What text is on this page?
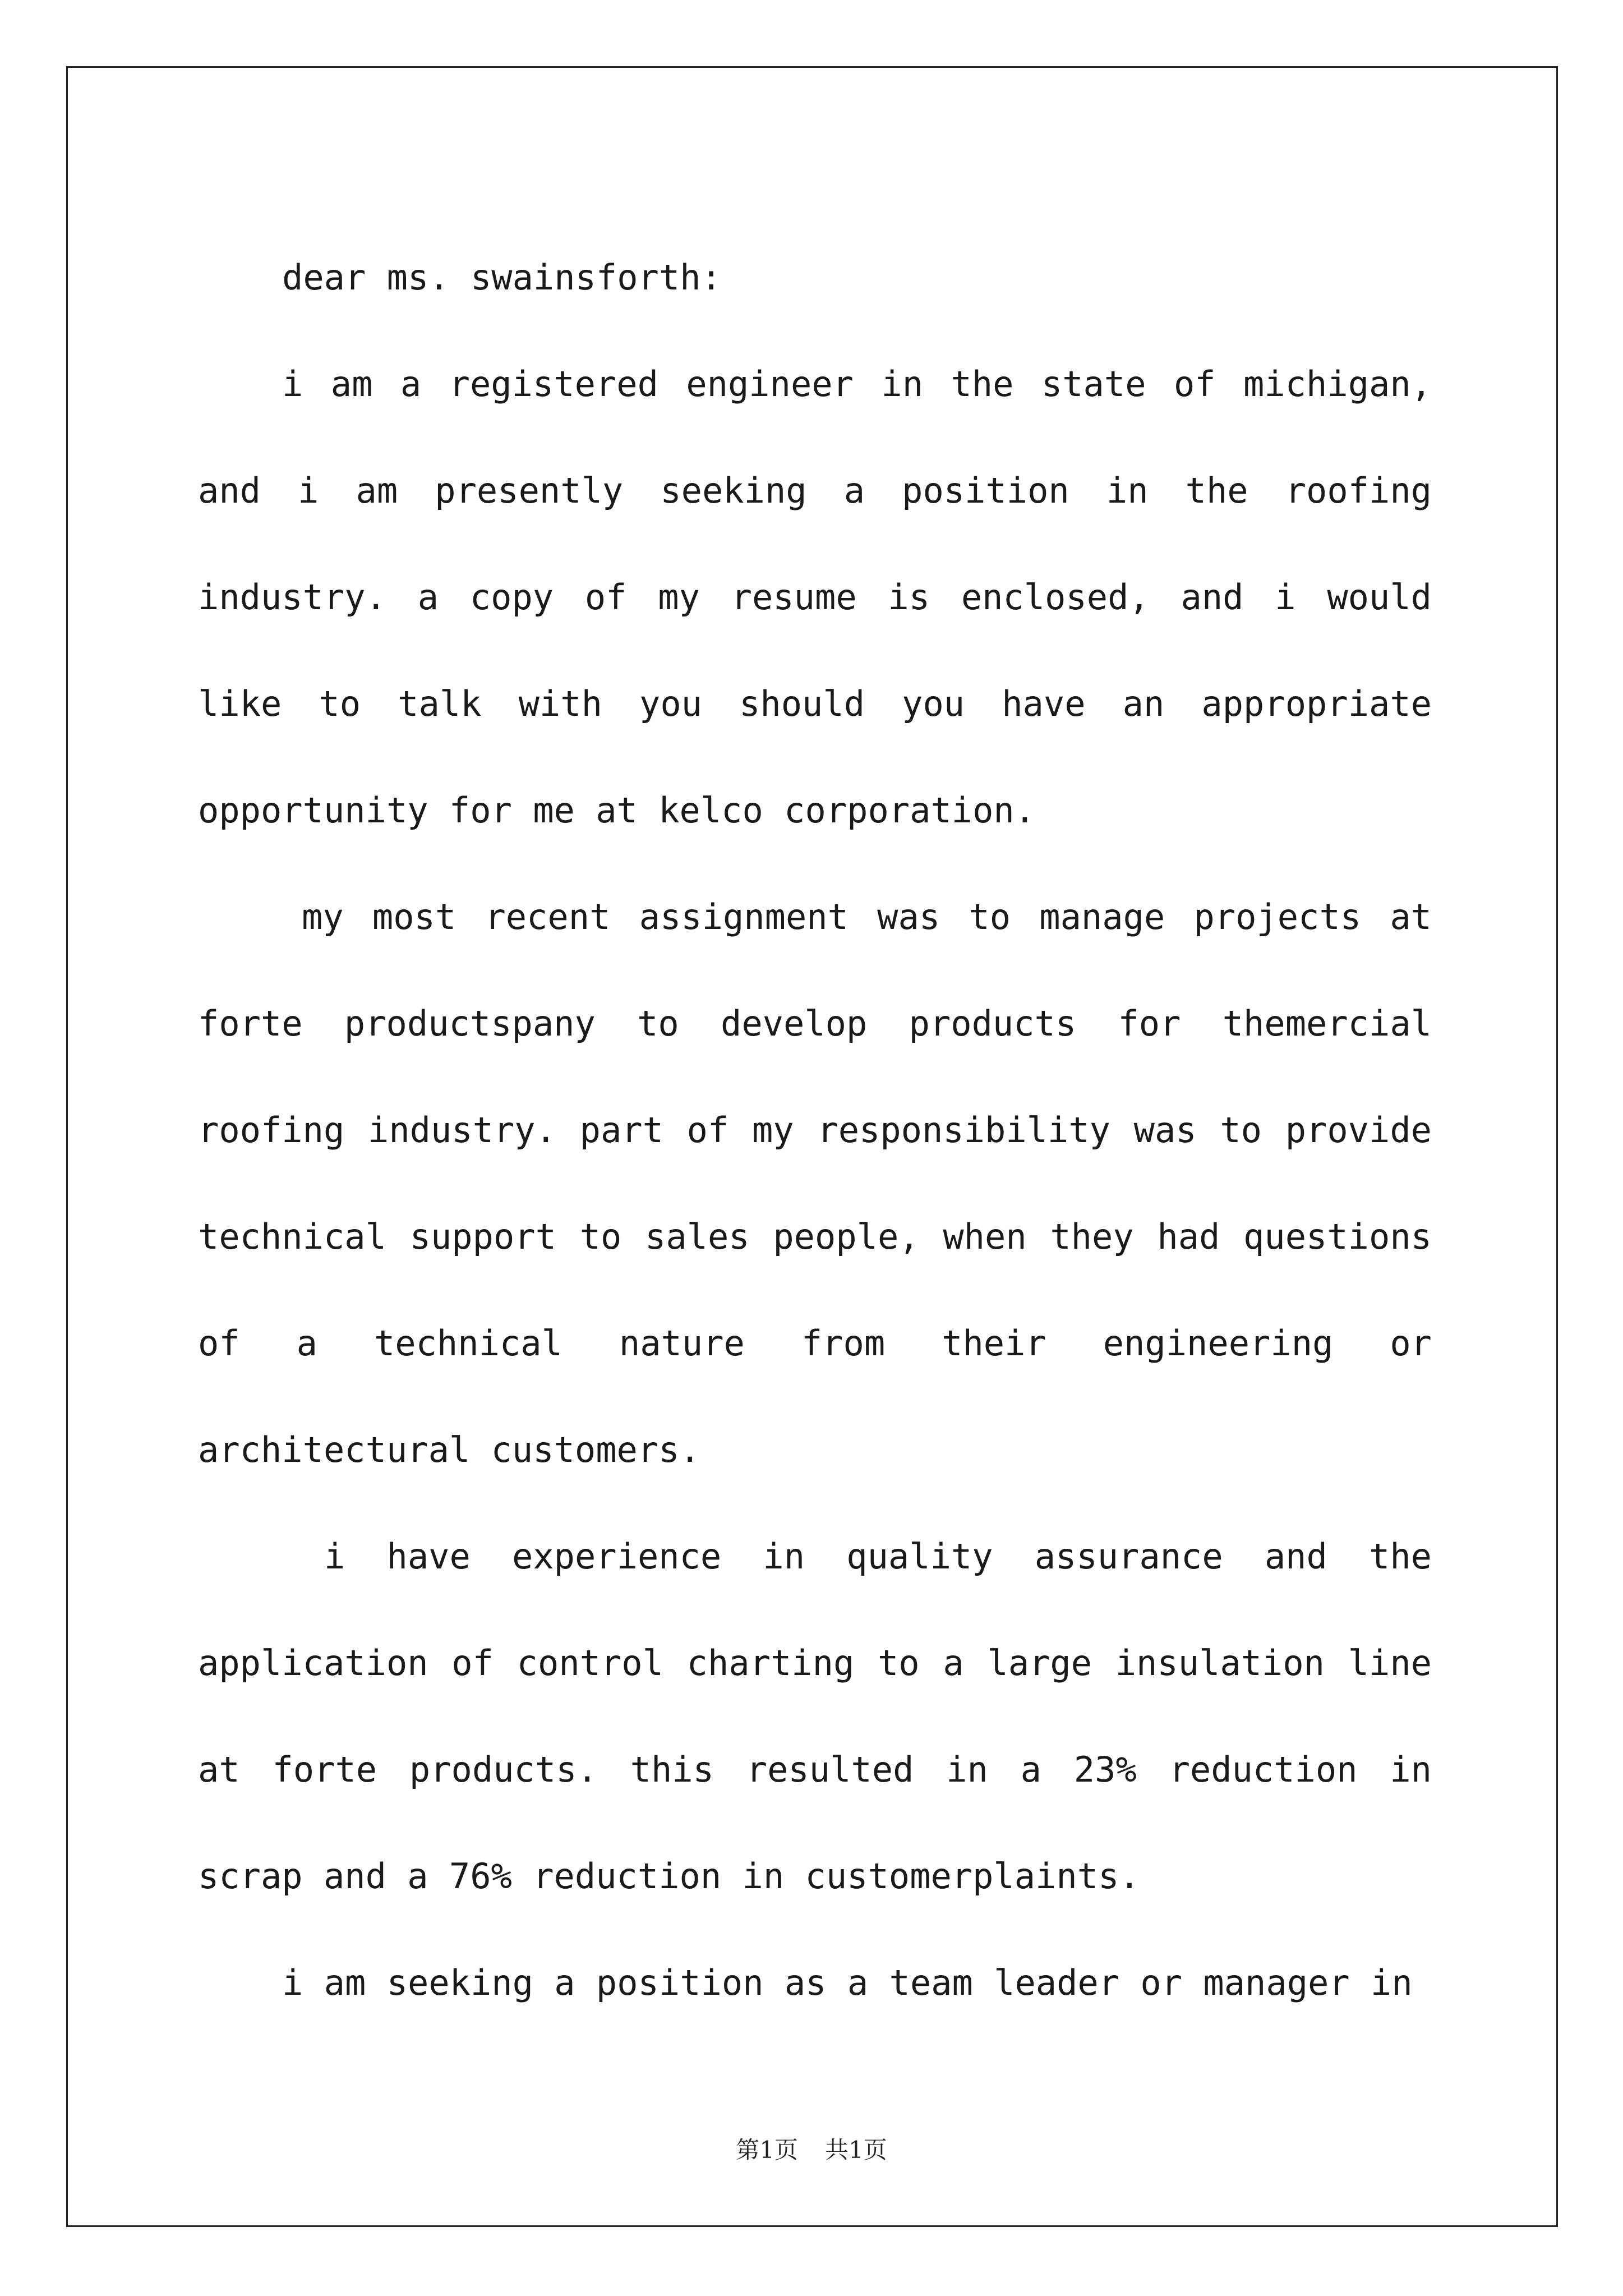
dear ms. swainsforth:

i am a registered engineer in the state of michigan, and i am presently seeking a position in the roofing industry. a copy of my resume is enclosed, and i would like to talk with you should you have an appropriate opportunity for me at kelco corporation.

my most recent assignment was to manage projects at forte productspany to develop products for themercial roofing industry. part of my responsibility was to provide technical support to sales people, when they had questions of a technical nature from their engineering or architectural customers.

i have experience in quality assurance and the application of control charting to a large insulation line at forte products. this resulted in a 23% reduction in scrap and a 76% reduction in customerplaints.

i am seeking a position as a team leader or manager in

第1页 共1页
